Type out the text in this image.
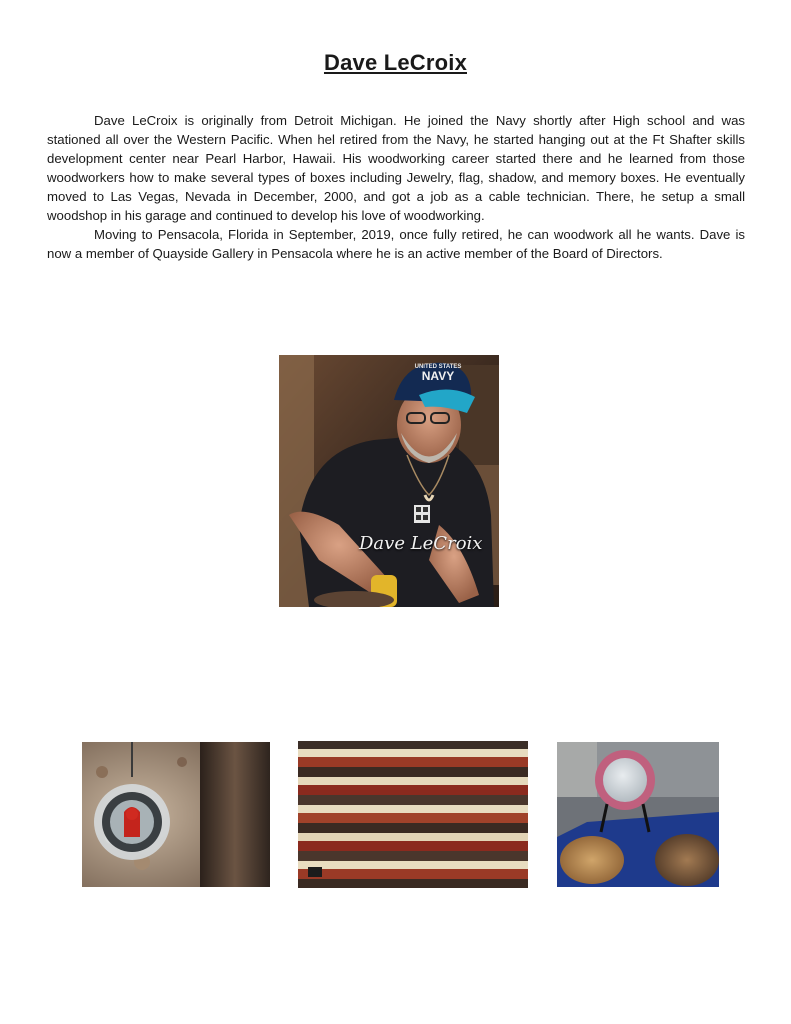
Dave LeCroix

Dave LeCroix is originally from Detroit Michigan. He joined the Navy shortly after High school and was stationed all over the Western Pacific. When hel retired from the Navy, he started hanging out at the Ft Shafter skills development center near Pearl Harbor, Hawaii. His woodworking career started there and he learned from those woodworkers how to make several types of boxes including Jewelry, flag, shadow, and memory boxes. He eventually moved to Las Vegas, Nevada in December, 2000, and got a job as a cable technician. There, he setup a small woodshop in his garage and continued to develop his love of woodworking.

Moving to Pensacola, Florida in September, 2019, once fully retired, he can woodwork all he wants. Dave is now a member of Quayside Gallery in Pensacola where he is an active member of the Board of Directors.

UNITED STATES
NAVY
Dave LeCroix
